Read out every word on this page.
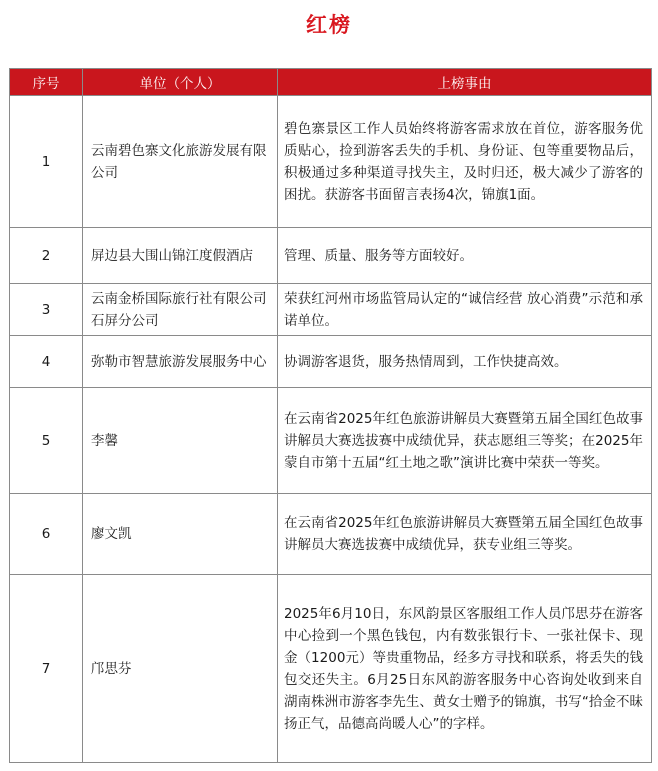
红榜
序号	单位（个人）	上榜事由
1	云南碧色寨文化旅游发展有限公司	碧色寨景区工作人员始终将游客需求放在首位，游客服务优质贴心，捡到游客丢失的手机、身份证、包等重要物品后，积极通过多种渠道寻找失主，及时归还，极大减少了游客的困扰。获游客书面留言表扬4次，锦旗1面。
2	屏边县大围山锦江度假酒店	管理、质量、服务等方面较好。
3	云南金桥国际旅行社有限公司石屏分公司	荣获红河州市场监管局认定的“诚信经营 放心消费”示范和承诺单位。
4	弥勒市智慧旅游发展服务中心	协调游客退货，服务热情周到，工作快捷高效。
5	李馨	在云南省2025年红色旅游讲解员大赛暨第五届全国红色故事讲解员大赛选拔赛中成绩优异，获志愿组三等奖；在2025年蒙自市第十五届“红土地之歌”演讲比赛中荣获一等奖。
6	廖文凯	在云南省2025年红色旅游讲解员大赛暨第五届全国红色故事讲解员大赛选拔赛中成绩优异，获专业组三等奖。
7	邝思芬	2025年6月10日，东风韵景区客服组工作人员邝思芬在游客中心捡到一个黑色钱包，内有数张银行卡、一张社保卡、现金（1200元）等贵重物品，经多方寻找和联系，将丢失的钱包交还失主。6月25日东风韵游客服务中心咨询处收到来自湖南株洲市游客李先生、黄女士赠予的锦旗，书写“拾金不昧扬正气，品德高尚暖人心”的字样。
